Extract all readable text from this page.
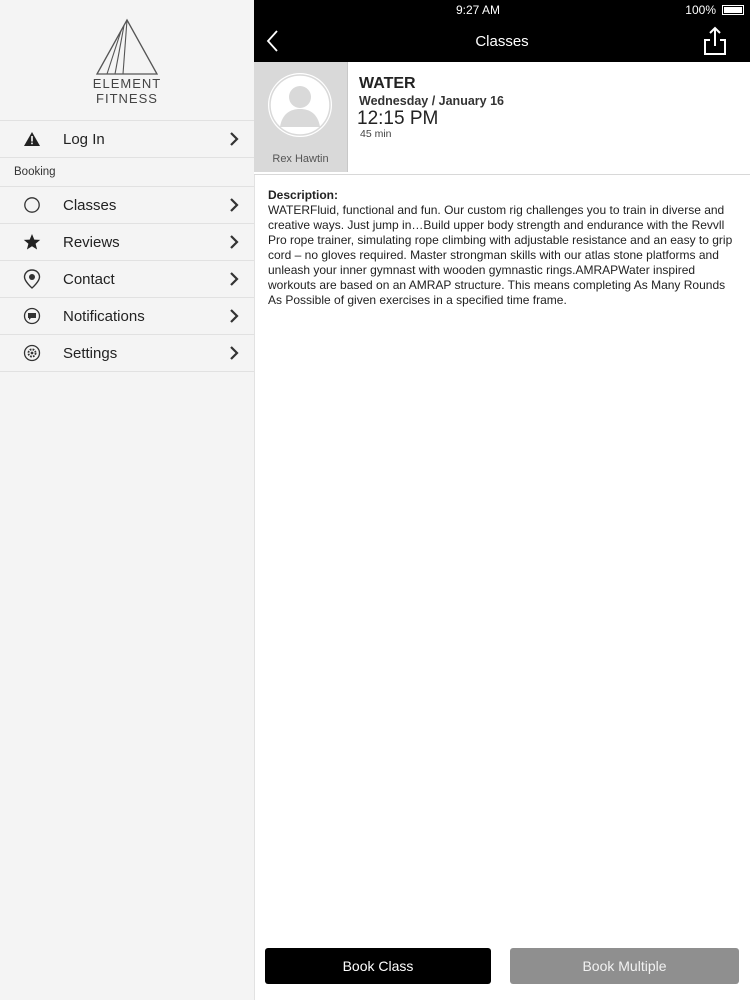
ELEMENT
FITNESS
Log In
Booking
Classes
Reviews
Contact
Notifications
Settings
9:27 AM	100%
Classes
Rex Hawtin
WATER
Wednesday / January 16
12:15 PM
45 min
Description:
WATERFluid, functional and fun. Our custom rig challenges you to train in diverse and creative ways. Just jump in…Build upper body strength and endurance with the Revvll Pro rope trainer, simulating rope climbing with adjustable resistance and an easy to grip cord – no gloves required. Master strongman skills with our atlas stone platforms and unleash your inner gymnast with wooden gymnastic rings.AMRAPWater inspired workouts are based on an AMRAP structure. This means completing As Many Rounds As Possible of given exercises in a specified time frame.
Book Class	Book Multiple
